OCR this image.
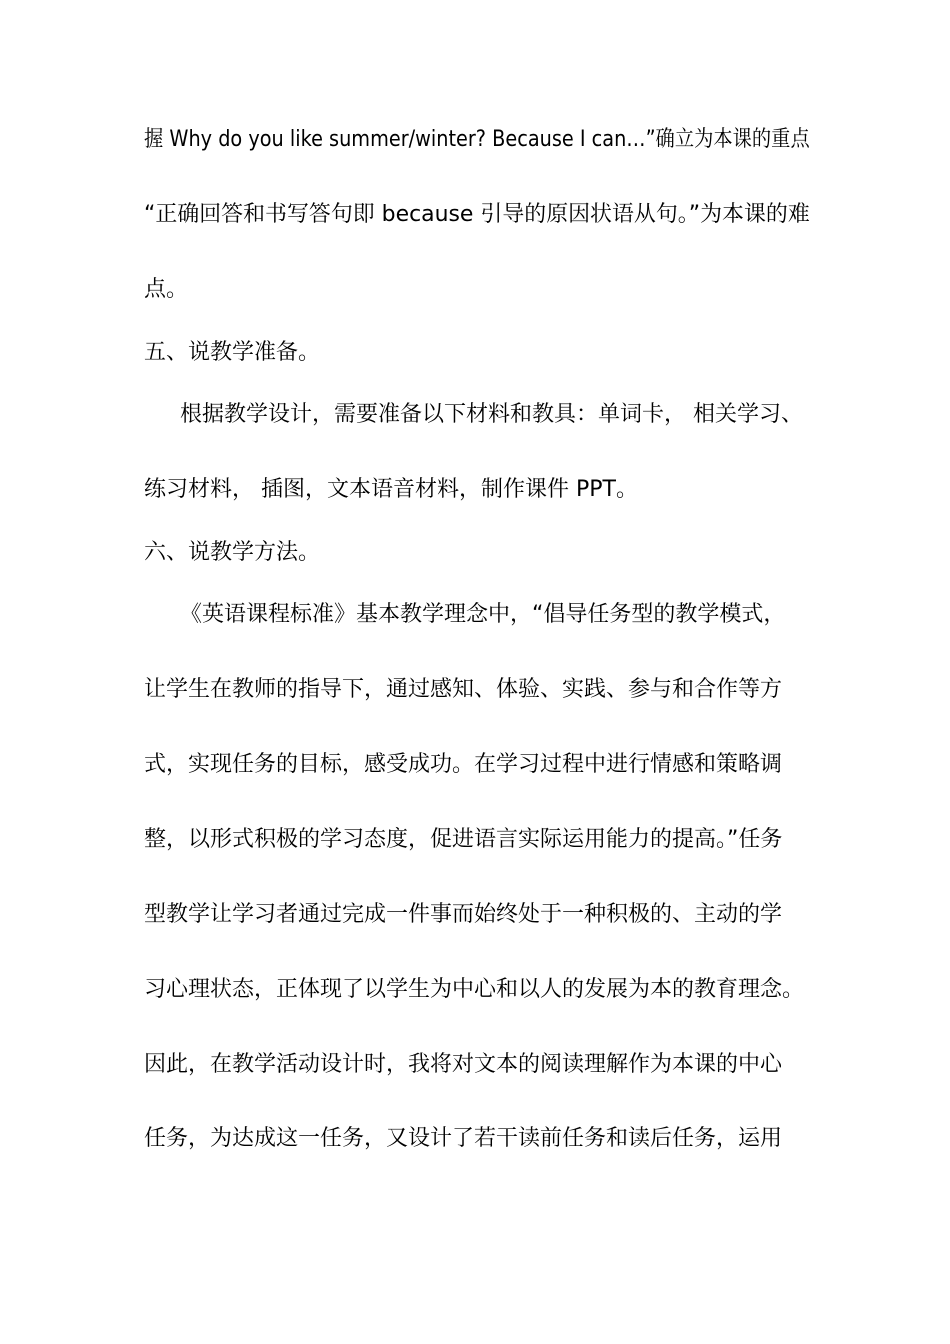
握 Why do you like summer/winter? Because I can…”确立为本课的重点
“正确回答和书写答句即 because 引导的原因状语从句。”为本课的难
点。
五、说教学准备。
根据教学设计，需要准备以下材料和教具：单词卡， 相关学习、
练习材料， 插图，文本语音材料，制作课件 PPT。
六、说教学方法。
《英语课程标准》基本教学理念中，“倡导任务型的教学模式，
让学生在教师的指导下，通过感知、体验、实践、参与和合作等方
式，实现任务的目标，感受成功。在学习过程中进行情感和策略调
整，以形式积极的学习态度，促进语言实际运用能力的提高。”任务
型教学让学习者通过完成一件事而始终处于一种积极的、主动的学
习心理状态，正体现了以学生为中心和以人的发展为本的教育理念。
因此，在教学活动设计时，我将对文本的阅读理解作为本课的中心
任务，为达成这一任务，又设计了若干读前任务和读后任务，运用
